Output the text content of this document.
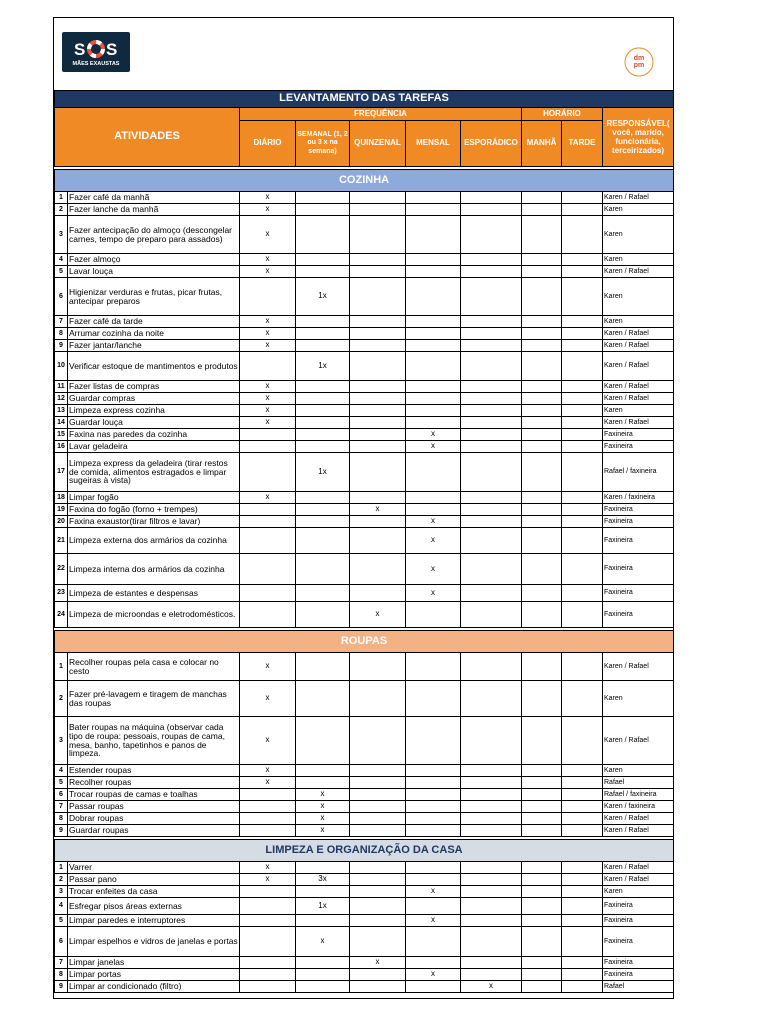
S S
MÃES EXAUSTAS
dm
pm
LEVANTAMENTO DAS TAREFAS									
ATIVIDADES		FREQUÊNCIA					HORÁRIO		RESPONSÁVEL( você, marido, funcionária, terceirizados)
		DIÁRIO	SEMANAL (1, 2 ou 3 x na semana)	QUINZENAL	MENSAL	ESPORÁDICO	MANHÃ	TARDE	

COZINHA									
1	Fazer café da manhã	x							Karen / Rafael
2	Fazer lanche da manhã	x							Karen
3	Fazer antecipação do almoço (descongelar carnes, tempo de preparo para assados)	x							Karen
4	Fazer almoço	x							Karen
5	Lavar louça	x							Karen / Rafael
6	Higienizar verduras e frutas, picar frutas, antecipar preparos		1x						Karen
7	Fazer café da tarde	x							Karen
8	Arrumar cozinha da noite	x							Karen / Rafael
9	Fazer jantar/lanche	x							Karen / Rafael
10	Verificar estoque de mantimentos e produtos		1x						Karen / Rafael
11	Fazer listas de compras	x							Karen / Rafael
12	Guardar compras	x							Karen / Rafael
13	Limpeza express cozinha	x							Karen
14	Guardar louça	x							Karen / Rafael
15	Faxina nas paredes da cozinha				x				Faxineira
16	Lavar geladeira				x				Faxineira
17	Limpeza express da geladeira (tirar restos de comida, alimentos estragados e limpar sugeiras à vista)		1x						Rafael / faxineira
18	Limpar fogão	x							Karen / faxineira
19	Faxina do fogão (forno + trempes)			x					Faxineira
20	Faxina exaustor(tirar filtros e lavar)				x				Faxineira
21	Limpeza externa dos armários da cozinha				x				Faxineira
22	Limpeza interna dos armários da cozinha				x				Faxineira
23	Limpeza de estantes e despensas				x				Faxineira
24	Limpeza de microondas e eletrodomésticos.			x					Faxineira

ROUPAS									
1	Recolher roupas pela casa e colocar no cesto	x							Karen / Rafael
2	Fazer pré-lavagem e tiragem de manchas das roupas	x							Karen
3	Bater roupas na máquina (observar cada tipo de roupa: pessoais, roupas de cama, mesa, banho, tapetinhos e panos de limpeza.	x							Karen / Rafael
4	Estender roupas	x							Karen
5	Recolher roupas	x							Rafael
6	Trocar roupas de camas e toalhas		x						Rafael / faxineira
7	Passar roupas		x						Karen / faxineira
8	Dobrar roupas		x						Karen / Rafael
9	Guardar roupas		x						Karen / Rafael

LIMPEZA E ORGANIZAÇÃO DA CASA									
1	Varrer	x							Karen / Rafael
2	Passar pano	x	3x						Karen / Rafael
3	Trocar enfeites da casa				x				Karen
4	Esfregar pisos áreas externas		1x						Faxineira
5	Limpar paredes e interruptores				x				Faxineira
6	Limpar espelhos e vidros de janelas e portas		x						Faxineira
7	Limpar janelas			x					Faxineira
8	Limpar portas				x				Faxineira
9	Limpar ar condicionado (filtro)					x			Rafael
